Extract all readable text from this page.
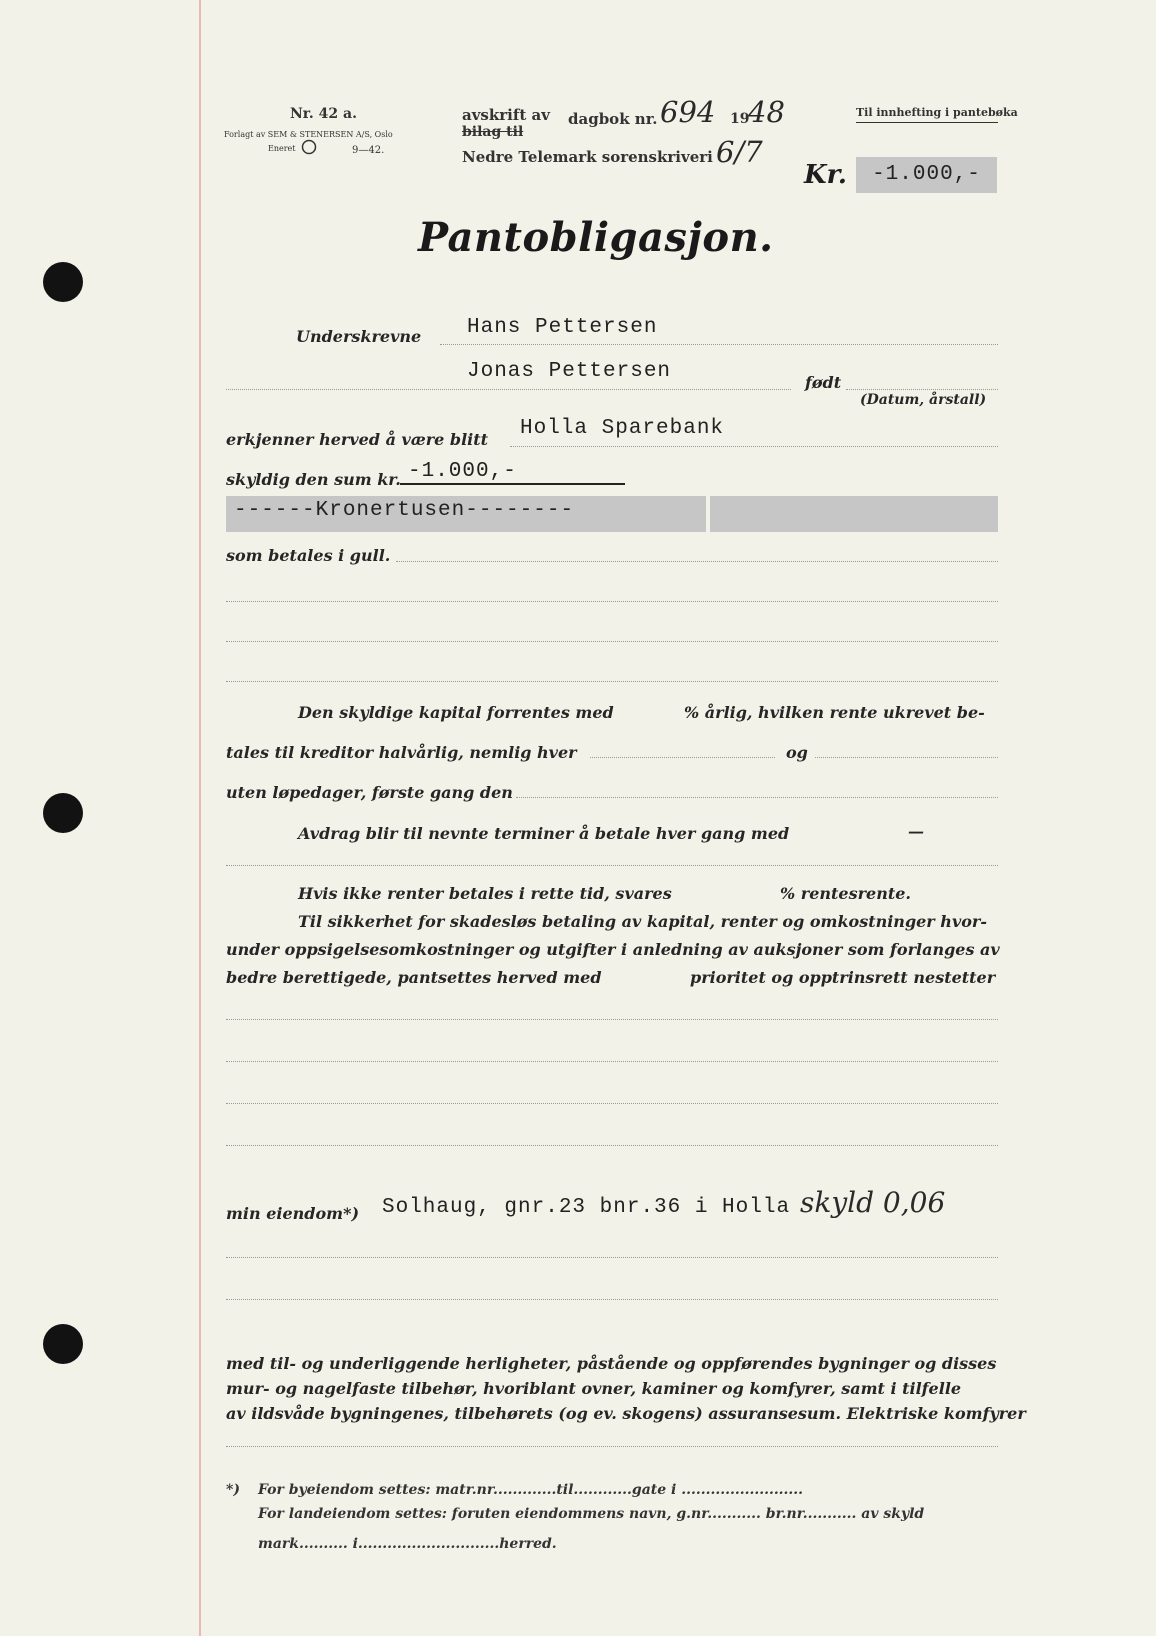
Nr. 42 a.
Forlagt av SEM & STENERSEN A/S, Oslo
Eneret	9—42.
avskrift av
bilag til
dagbok nr. 694 19
48
Nedre Telemark sorenskriveri 6/7
Til innhefting i pantebøka
Kr.	-1.000,-
Pantobligasjon.
Underskrevne Hans Pettersen
Jonas Pettersen	født
(Datum, årstall)
erkjenner herved å være blitt Holla Sparebank
skyldig den sum kr. -1.000,-
------Kronertusen--------
som betales i gull.
Den skyldige kapital forrentes med	% årlig, hvilken rente ukrevet be-
tales til kreditor halvårlig, nemlig hver	og
uten løpedager, første gang den
Avdrag blir til nevnte terminer å betale hver gang med	—
Hvis ikke renter betales i rette tid, svares	% rentesrente.
Til sikkerhet for skadesløs betaling av kapital, renter og omkostninger hvor-
under oppsigelsesomkostninger og utgifter i anledning av auksjoner som forlanges av
bedre berettigede, pantsettes herved med	prioritet og opptrinsrett nestetter
min eiendom*) Solhaug, gnr.23 bnr.36 i Holla skyld 0,06
med til- og underliggende herligheter, påstående og oppførendes bygninger og disses
mur- og nagelfaste tilbehør, hvoriblant ovner, kaminer og komfyrer, samt i tilfelle
av ildsvåde bygningenes, tilbehørets (og ev. skogens) assuransesum. Elektriske komfyrer
*) For byeiendom settes: matr.nr.............til............gate i .........................
For landeiendom settes: foruten eiendommens navn, g.nr........... br.nr........... av skyld
mark.......... i.............................herred.
